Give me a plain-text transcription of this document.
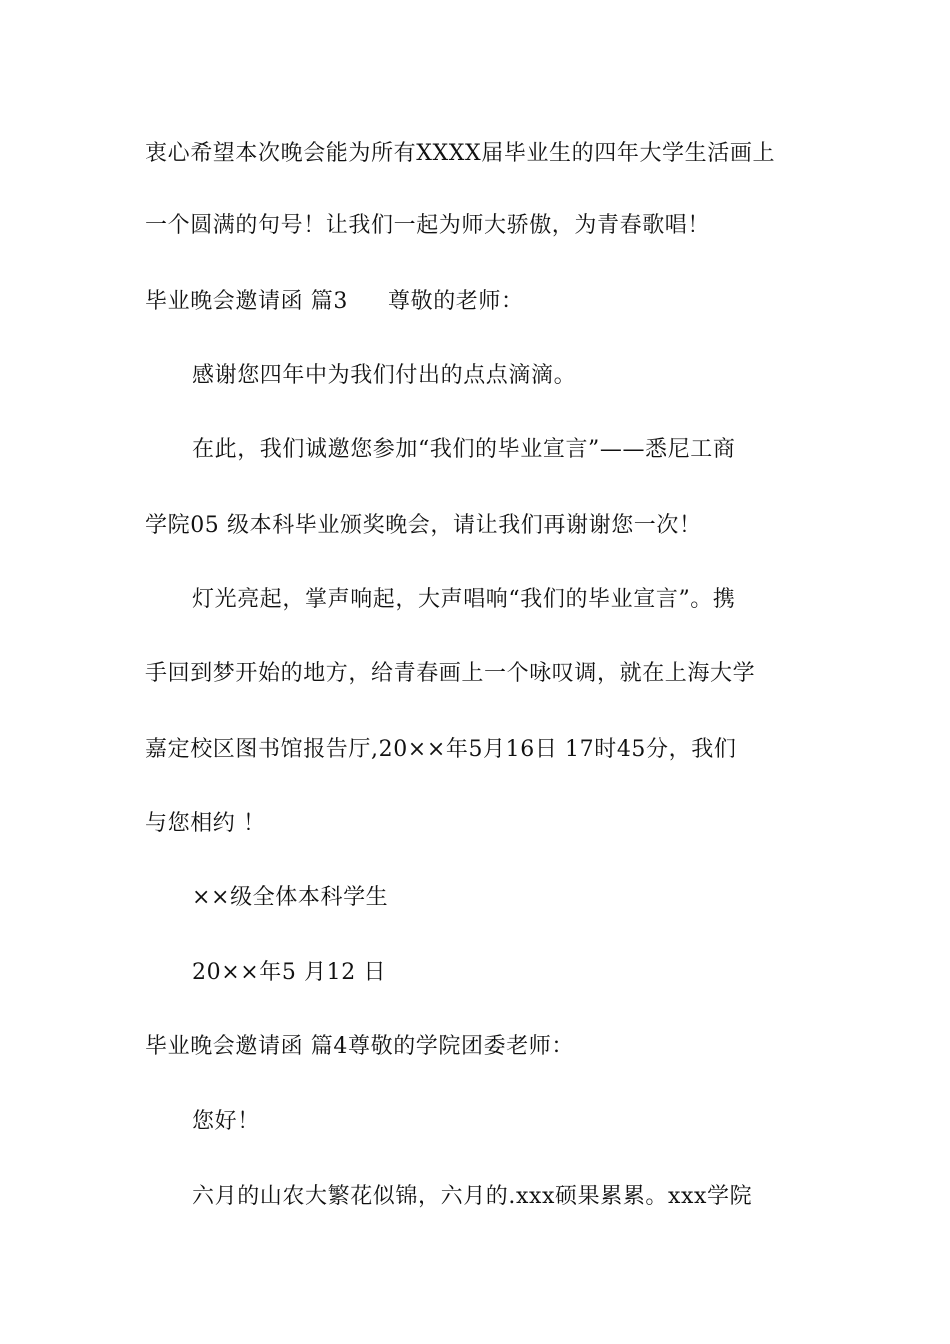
衷心希望本次晚会能为所有XXXX届毕业生的四年大学生活画上
一个圆满的句号！让我们一起为师大骄傲，为青春歌唱！
毕业晚会邀请函 篇3 尊敬的老师：
感谢您四年中为我们付出的点点滴滴。
在此，我们诚邀您参加“我们的毕业宣言”——悉尼工商
学院05 级本科毕业颁奖晚会，请让我们再谢谢您一次！
灯光亮起，掌声响起，大声唱响“我们的毕业宣言”。携
手回到梦开始的地方，给青春画上一个咏叹调，就在上海大学
嘉定校区图书馆报告厅,20××年5月16日 17时45分，我们
与您相约 ！
××级全体本科学生
20××年5 月12 日
毕业晚会邀请函 篇4尊敬的学院团委老师：
您好！
六月的山农大繁花似锦，六月的.xxx硕果累累。xxx学院
